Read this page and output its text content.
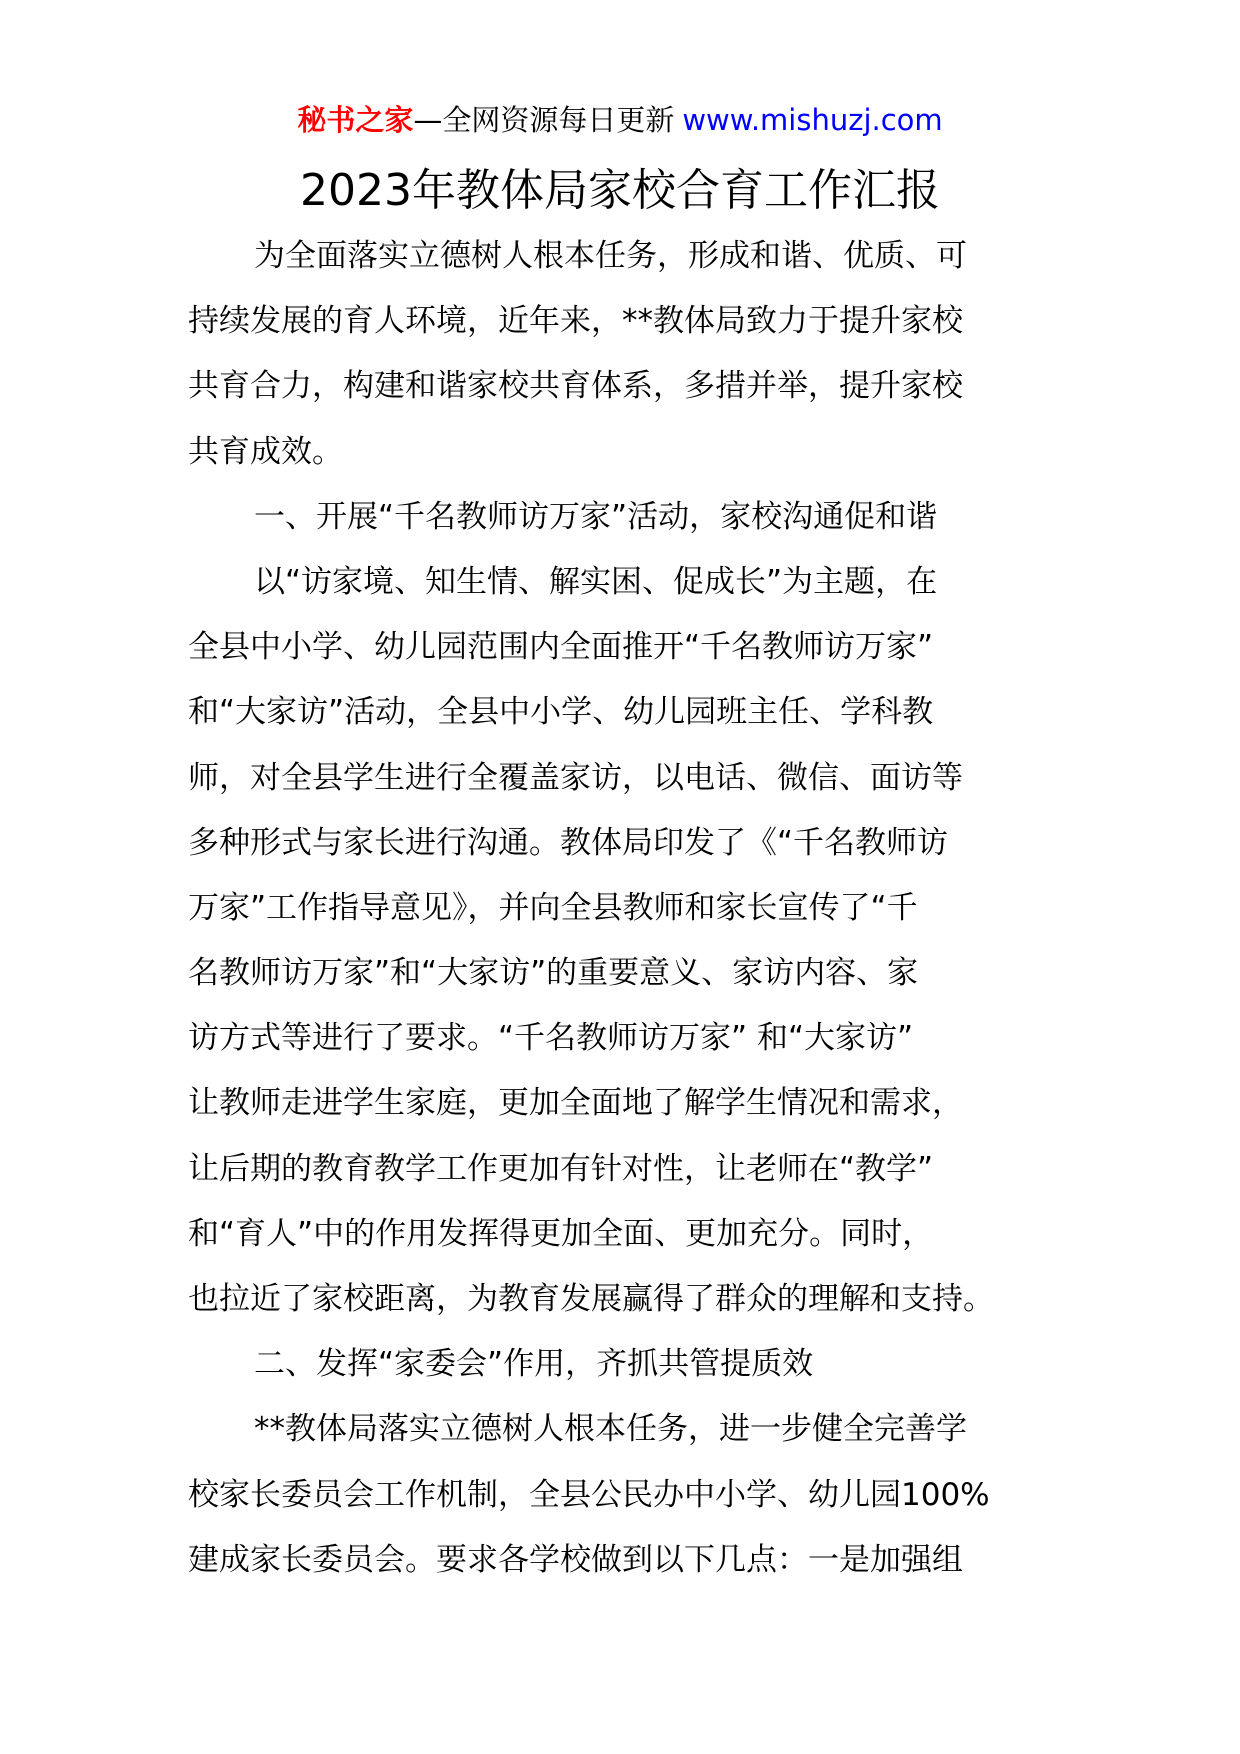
秘书之家—全网资源每日更新 www.mishuzj.com
2023年教体局家校合育工作汇报
为全面落实立德树人根本任务，形成和谐、优质、可
持续发展的育人环境，近年来，**教体局致力于提升家校
共育合力，构建和谐家校共育体系，多措并举，提升家校
共育成效。
一、开展“千名教师访万家”活动，家校沟通促和谐
以“访家境、知生情、解实困、促成长”为主题，在
全县中小学、幼儿园范围内全面推开“千名教师访万家”
和“大家访”活动，全县中小学、幼儿园班主任、学科教
师，对全县学生进行全覆盖家访，以电话、微信、面访等
多种形式与家长进行沟通。教体局印发了《“千名教师访
万家”工作指导意见》，并向全县教师和家长宣传了“千
名教师访万家”和“大家访”的重要意义、家访内容、家
访方式等进行了要求。“千名教师访万家” 和“大家访”
让教师走进学生家庭，更加全面地了解学生情况和需求，
让后期的教育教学工作更加有针对性，让老师在“教学”
和“育人”中的作用发挥得更加全面、更加充分。同时，
也拉近了家校距离，为教育发展赢得了群众的理解和支持。
二、发挥“家委会”作用，齐抓共管提质效
**教体局落实立德树人根本任务，进一步健全完善学
校家长委员会工作机制，全县公民办中小学、幼儿园100%
建成家长委员会。要求各学校做到以下几点：一是加强组
